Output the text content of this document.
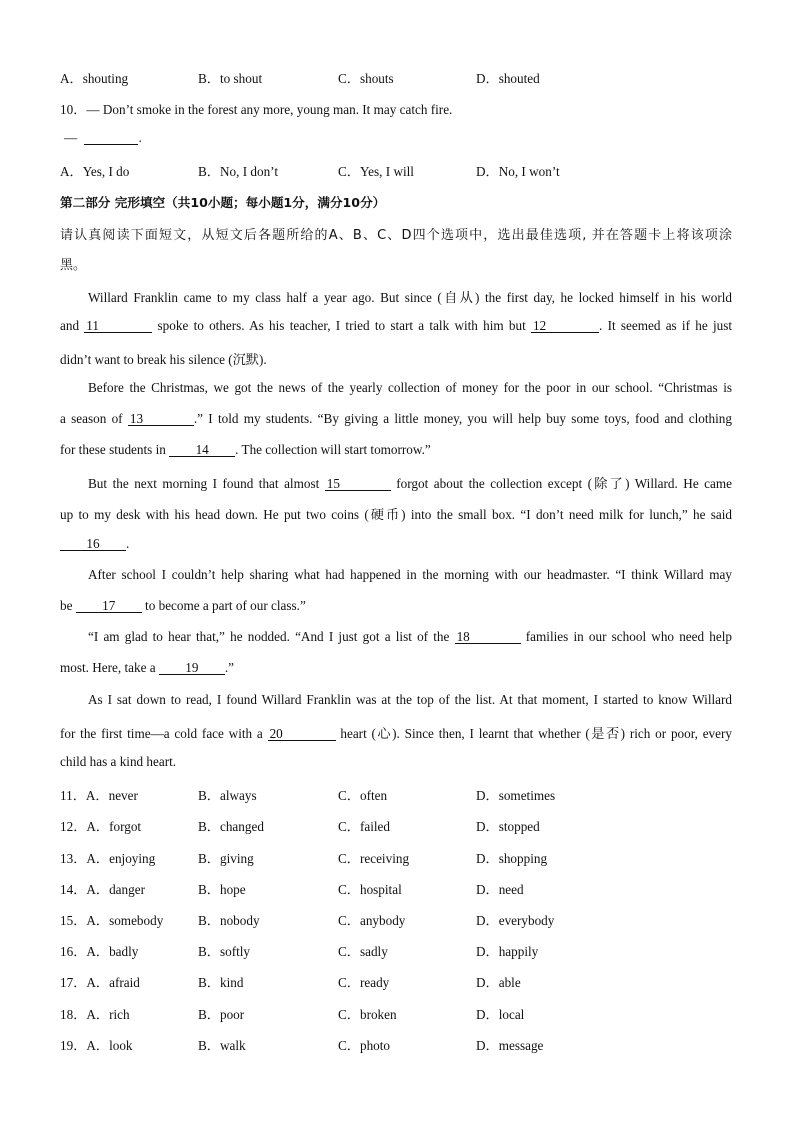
A．shouting	B．to shout	C．shouts	D．shouted
10．— Don’t smoke in the forest any more, young man. It may catch fire.
—	.
A．Yes, I do	B．No, I don’t	C．Yes, I will	D．No, I won’t
第二部分 完形填空（共10小题；每小题1分，满分10分）
请认真阅读下面短文，从短文后各题所给的A、B、C、D四个选项中，选出最佳选项, 并在答题卡上将该项涂
黑。
Willard Franklin came to my class half a year ago. But since (自从) the first day, he locked himself in his world
and 11	spoke to others. As his teacher, I tried to start a talk with him but 12	. It seemed as if he just
didn’t want to break his silence (沉默).
Before the Christmas, we got the news of the yearly collection of money for the poor in our school. “Christmas is
a season of 13	.” I told my students. “By giving a little money, you will help buy some toys, food and clothing
for these students in 14 . The collection will start tomorrow.”
But the next morning I found that almost 15	forgot about the collection except (除了) Willard. He came
up to my desk with his head down. He put two coins (硬币) into the small box. “I don’t need milk for lunch,” he said
16 .
After school I couldn’t help sharing what had happened in the morning with our headmaster. “I think Willard may
be 17 to become a part of our class.”
“I am glad to hear that,” he nodded. “And I just got a list of the 18	families in our school who need help
most. Here, take a 19 .”
As I sat down to read, I found Willard Franklin was at the top of the list. At that moment, I started to know Willard
for the first time—a cold face with a 20	heart (心). Since then, I learnt that whether (是否) rich or poor, every
child has a kind heart.
11．A．never	B．always	C．often	D．sometimes
12．A．forgot	B．changed	C．failed	D．stopped
13．A．enjoying	B．giving	C．receiving	D．shopping
14．A．danger	B．hope	C．hospital	D．need
15．A．somebody	B．nobody	C．anybody	D．everybody
16．A．badly	B．softly	C．sadly	D．happily
17．A．afraid	B．kind	C．ready	D．able
18．A．rich	B．poor	C．broken	D．local
19．A．look	B．walk	C．photo	D．message
